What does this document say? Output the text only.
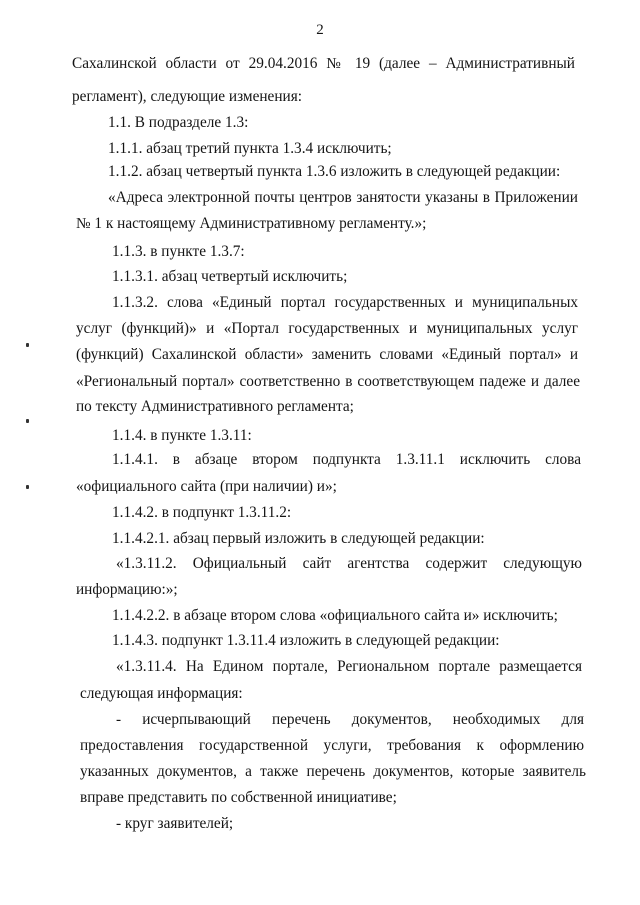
2
Сахалинской области от 29.04.2016 № 19 (далее – Административный
регламент), следующие изменения:
1.1. В подразделе 1.3:
1.1.1. абзац третий пункта 1.3.4 исключить;
1.1.2. абзац четвертый пункта 1.3.6 изложить в следующей редакции:
«Адреса электронной почты центров занятости указаны в Приложении
№ 1 к настоящему Административному регламенту.»;
1.1.3. в пункте 1.3.7:
1.1.3.1. абзац четвертый исключить;
1.1.3.2. слова «Единый портал государственных и муниципальных
услуг (функций)» и «Портал государственных и муниципальных услуг
(функций) Сахалинской области» заменить словами «Единый портал» и
«Региональный портал» соответственно в соответствующем падеже и далее
по тексту Административного регламента;
1.1.4. в пункте 1.3.11:
1.1.4.1. в абзаце втором подпункта 1.3.11.1 исключить слова
«официального сайта (при наличии) и»;
1.1.4.2. в подпункт 1.3.11.2:
1.1.4.2.1. абзац первый изложить в следующей редакции:
«1.3.11.2. Официальный сайт агентства содержит следующую
информацию:»;
1.1.4.2.2. в абзаце втором слова «официального сайта и» исключить;
1.1.4.3. подпункт 1.3.11.4 изложить в следующей редакции:
«1.3.11.4. На Едином портале, Региональном портале размещается
следующая информация:
- исчерпывающий перечень документов, необходимых для
предоставления государственной услуги, требования к оформлению
указанных документов, а также перечень документов, которые заявитель
вправе представить по собственной инициативе;
- круг заявителей;
